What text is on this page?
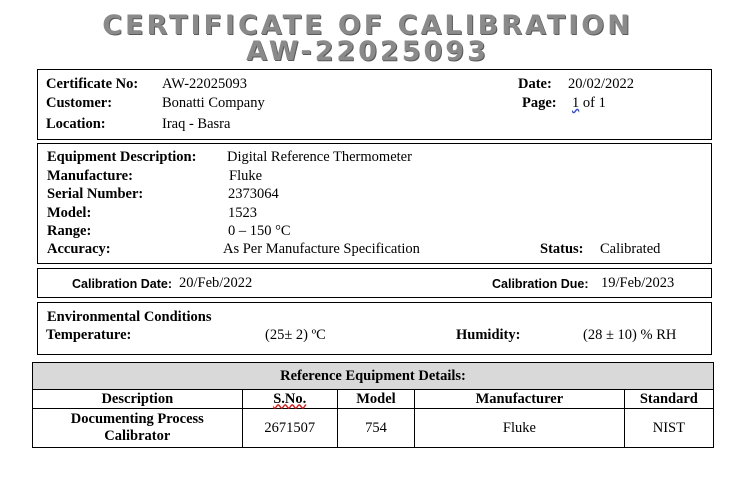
CERTIFICATE OF CALIBRATION
AW-22025093
Certificate No: AW-22025093	Date: 20/02/2022
Customer:	Bonatti Company	Page: 1 of 1
Location:	Iraq - Basra
Equipment Description: Digital Reference Thermometer
Manufacture:	Fluke
Serial Number:	2373064
Model:	1523
Range:	0 – 150 °C
Accuracy:	As Per Manufacture Specification	Status: Calibrated
Calibration Date: 20/Feb/2022	Calibration Due: 19/Feb/2023
Environmental Conditions
Temperature:	(25± 2) ºC	Humidity:	(28 ± 10) % RH
Reference Equipment Details:				
Description	S.No.	Model	Manufacturer	Standard
Documenting Process
Calibrator	2671507	754	Fluke	NIST
